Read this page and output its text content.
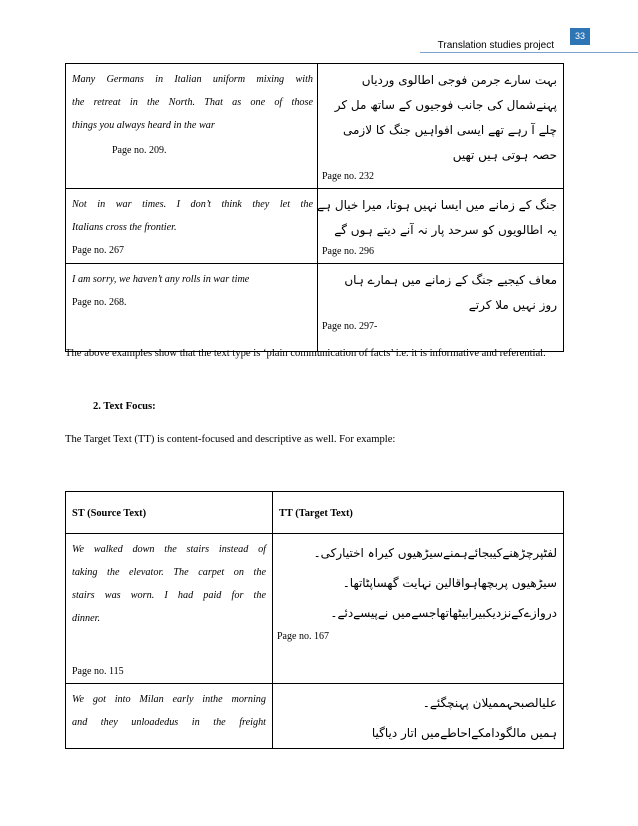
Translation studies project
33
Many Germans in Italian uniform mixing with
the retreat in the North. That as one of those
things you always heard in the war
Page no. 209.	بہت سارے جرمن فوجی اطالوی وردیاں
پہنےشمال کی جانب فوجیوں کے ساتھ مل کر
چلے آ رہے تھے ایسی افواہیں جنگ کا لازمی
حصہ ہوتی ہیں تھیں
Page no. 232

Not in war times. I don’t think they let the
Italians cross the frontier.
Page no. 267	جنگ کے زمانے میں ایسا نہیں ہوتا، میرا خیال ہے
یہ اطالویوں کو سرحد پار نہ آنے دیتے ہوں گے
Page no. 296

I am sorry, we haven’t any rolls in war time
Page no. 268.	معاف کیجیے جنگ کے زمانے میں ہمارے ہاں
روز نہیں ملا کرتے
Page no. 297-
The above examples show that the text type is ‘plain communication of facts’ i.e. it is informative and referential.
2. Text Focus:
The Target Text (TT) is content-focused and descriptive as well. For example:
ST (Source Text)	TT (Target Text)

We walked down the stairs instead of
taking the elevator. The carpet on the
stairs was worn. I had paid for the
dinner.
Page no. 115	لفٹپرچڑھنےکیبجائےہمنےسیڑھیوں کیراہ اختیارکی۔
سیڑھیوں پربچھاہواقالین نہایت گھساپٹاتھا۔
دروازےکےنزدیکبیرابیٹھاتھاجسےمیں نےپیسےدئے۔
Page no. 167

We got into Milan early inthe morning
and they unloadedus in the freight	علیالصبحہممیلان پہنچگئے۔
ہمیں مالگودامکےاحاطےمیں اتار دیاگیا
